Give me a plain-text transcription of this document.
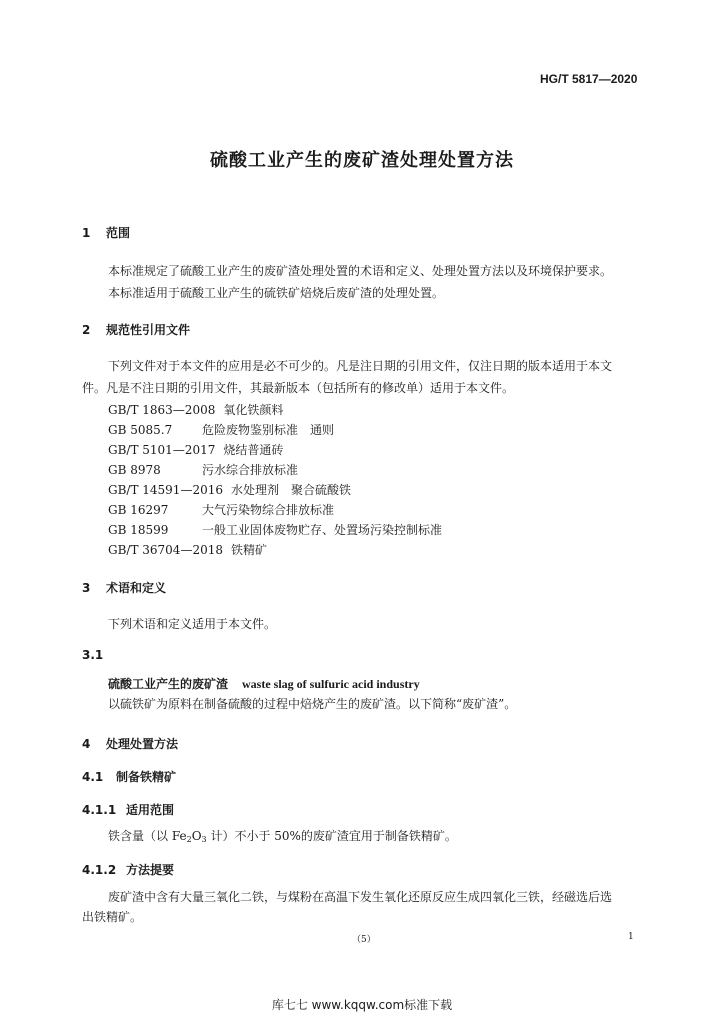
HG/T 5817—2020
硫酸工业产生的废矿渣处理处置方法
1 范围
本标准规定了硫酸工业产生的废矿渣处理处置的术语和定义、处理处置方法以及环境保护要求。
本标准适用于硫酸工业产生的硫铁矿焙烧后废矿渣的处理处置。
2 规范性引用文件
下列文件对于本文件的应用是必不可少的。凡是注日期的引用文件，仅注日期的版本适用于本文
件。凡是不注日期的引用文件，其最新版本（包括所有的修改单）适用于本文件。
GB/T 1863—2008 氧化铁颜料
GB 5085.7 危险废物鉴别标准　通则
GB/T 5101—2017 烧结普通砖
GB 8978	污水综合排放标准
GB/T 14591—2016 水处理剂　聚合硫酸铁
GB 16297	大气污染物综合排放标准
GB 18599	一般工业固体废物贮存、处置场污染控制标准
GB/T 36704—2018 铁精矿
3 术语和定义
下列术语和定义适用于本文件。
3.1
硫酸工业产生的废矿渣 waste slag of sulfuric acid industry
以硫铁矿为原料在制备硫酸的过程中焙烧产生的废矿渣。以下简称“废矿渣”。
4 处理处置方法
4.1 制备铁精矿
4.1.1 适用范围
铁含量（以 $Fe_2O_3$ 计）不小于 50%的废矿渣宜用于制备铁精矿。
4.1.2 方法提要
废矿渣中含有大量三氧化二铁，与煤粉在高温下发生氧化还原反应生成四氧化三铁，经磁选后选
出铁精矿。
（5）	1
库七七 www.kqqw.com标准下载
